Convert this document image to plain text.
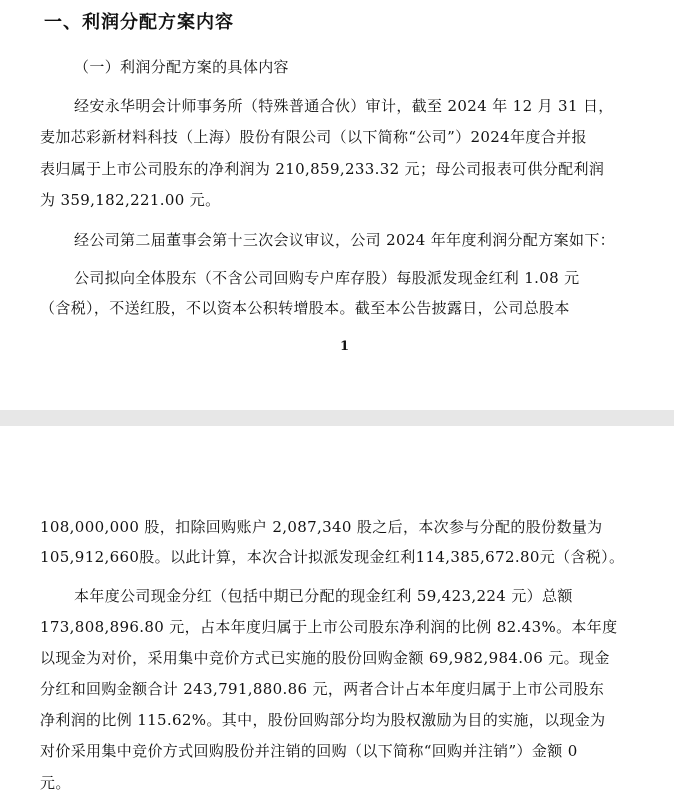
一、利润分配方案内容
（一）利润分配方案的具体内容
经安永华明会计师事务所（特殊普通合伙）审计，截至 2024 年 12 月 31 日，
麦加芯彩新材料科技（上海）股份有限公司（以下简称“公司”）2024年度合并报
表归属于上市公司股东的净利润为 210,859,233.32 元；母公司报表可供分配利润
为 359,182,221.00 元。
经公司第二届董事会第十三次会议审议，公司 2024 年年度利润分配方案如下：
公司拟向全体股东（不含公司回购专户库存股）每股派发现金红利 1.08 元
（含税），不送红股，不以资本公积转增股本。截至本公告披露日，公司总股本
1
108,000,000 股，扣除回购账户 2,087,340 股之后，本次参与分配的股份数量为
105,912,660股。以此计算，本次合计拟派发现金红利114,385,672.80元（含税）。
本年度公司现金分红（包括中期已分配的现金红利 59,423,224 元）总额
173,808,896.80 元，占本年度归属于上市公司股东净利润的比例 82.43%。本年度
以现金为对价，采用集中竞价方式已实施的股份回购金额 69,982,984.06 元。现金
分红和回购金额合计 243,791,880.86 元，两者合计占本年度归属于上市公司股东
净利润的比例 115.62%。其中，股份回购部分均为股权激励为目的实施，以现金为
对价采用集中竞价方式回购股份并注销的回购（以下简称“回购并注销”）金额 0
元。
